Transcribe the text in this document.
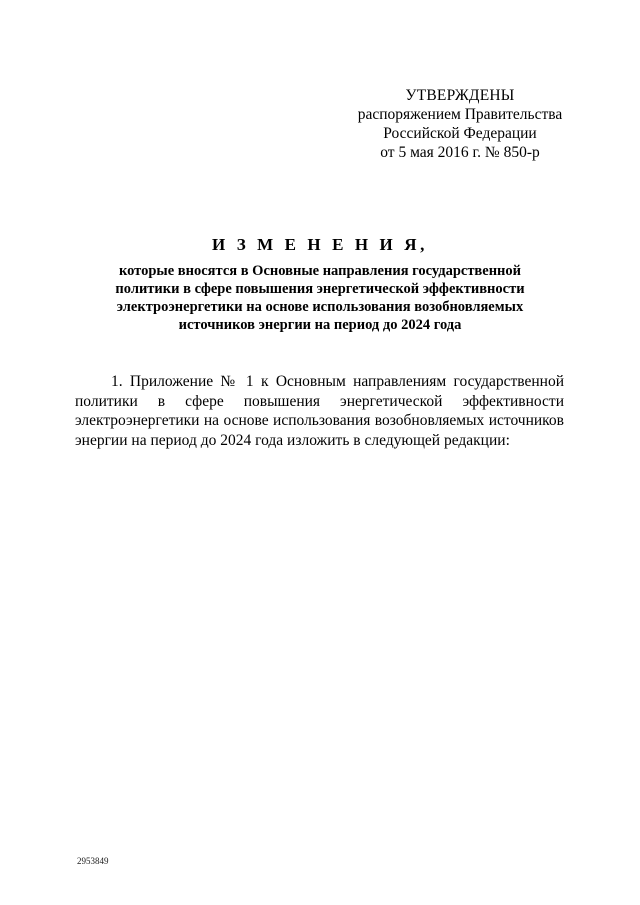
УТВЕРЖДЕНЫ
распоряжением Правительства
Российской Федерации
от 5 мая 2016 г. № 850-р
И З М Е Н Е Н И Я,
которые вносятся в Основные направления государственной политики в сфере повышения энергетической эффективности электроэнергетики на основе использования возобновляемых источников энергии на период до 2024 года

1. Приложение № 1 к Основным направлениям государственной политики в сфере повышения энергетической эффективности электроэнергетики на основе использования возобновляемых источников энергии на период до 2024 года изложить в следующей редакции:

2953849
